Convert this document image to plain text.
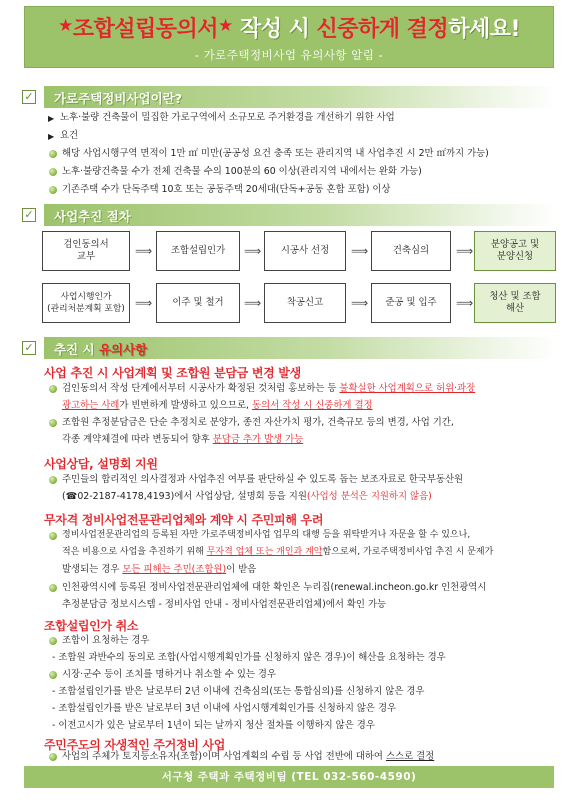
★조합설립동의서★ 작성 시 신중하게 결정하세요!
- 가로주택정비사업 유의사항 알림 -
✓ 가로주택정비사업이란?
▶ 노후·불량 건축물이 밀집한 가로구역에서 소규모로 주거환경을 개선하기 위한 사업
▶ 요건
해당 사업시행구역 면적이 1만 ㎡ 미만(공공성 요건 충족 또는 관리지역 내 사업추진 시 2만 ㎡까지 가능)
노후·불량건축물 수가 전체 건축물 수의 100분의 60 이상(관리지역 내에서는 완화 가능)
기존주택 수가 단독주택 10호 또는 공동주택 20세대(단독+공동 혼합 포함) 이상
✓ 사업추진 절차
검인동의서
교부	⟹ 조합설립인가 ⟹ 시공사 선정 ⟹	건축심의 ⟹ 분양공고 및
분양신청
사업시행인가
(관리처분계획 포함) ⟹ 이주 및 철거 ⟹	착공신고 ⟹ 준공 및 입주 ⟹ 청산 및 조합
해산
✓ 추진 시 유의사항
사업 추진 시 사업계획 및 조합원 분담금 변경 발생
검인동의서 작성 단계에서부터 시공사가 확정된 것처럼 홍보하는 등 불확실한 사업계획으로 허위·과장
광고하는 사례가 빈번하게 발생하고 있으므로, 동의서 작성 시 신중하게 결정
조합원 추정분담금은 단순 추정치로 분양가, 종전 자산가치 평가, 건축규모 등의 변경, 사업 기간,
각종 계약체결에 따라 변동되어 향후 분담금 추가 발생 가능
사업상담, 설명회 지원
주민들의 합리적인 의사결정과 사업추진 여부를 판단하실 수 있도록 돕는 보조자료로 한국부동산원
(☎02-2187-4178,4193)에서 사업상담, 설명회 등을 지원(사업성 분석은 지원하지 않음)
무자격 정비사업전문관리업체와 계약 시 주민피해 우려
정비사업전문관리업의 등록된 자만 가로주택정비사업 업무의 대행 등을 위탁받거나 자문을 할 수 있으나,
적은 비용으로 사업을 추진하기 위해 무자격 업체 또는 개인과 계약함으로써, 가로주택정비사업 추진 시 문제가
발생되는 경우 모든 피해는 주민(조합원)이 받음
인천광역시에 등록된 정비사업전문관리업체에 대한 확인은 누리집(renewal.incheon.go.kr 인천광역시
추정분담금 정보시스템 - 정비사업 안내 - 정비사업전문관리업체)에서 확인 가능
조합설립인가 취소
조합이 요청하는 경우
- 조합원 과반수의 동의로 조합(사업시행계획인가를 신청하지 않은 경우)이 해산을 요청하는 경우
시장·군수 등이 조치를 명하거나 취소할 수 있는 경우
- 조합설립인가를 받은 날로부터 2년 이내에 건축심의(또는 통합심의)를 신청하지 않은 경우
- 조합설립인가를 받은 날로부터 3년 이내에 사업시행계획인가를 신청하지 않은 경우
- 이전고시가 있은 날로부터 1년이 되는 날까지 청산 절차를 이행하지 않은 경우
주민주도의 자생적인 주거정비 사업
사업의 주체가 토지등소유자(조합)이며 사업계획의 수립 등 사업 전반에 대하여 스스로 결정
서구청 주택과 주택정비팀 (TEL 032-560-4590)
